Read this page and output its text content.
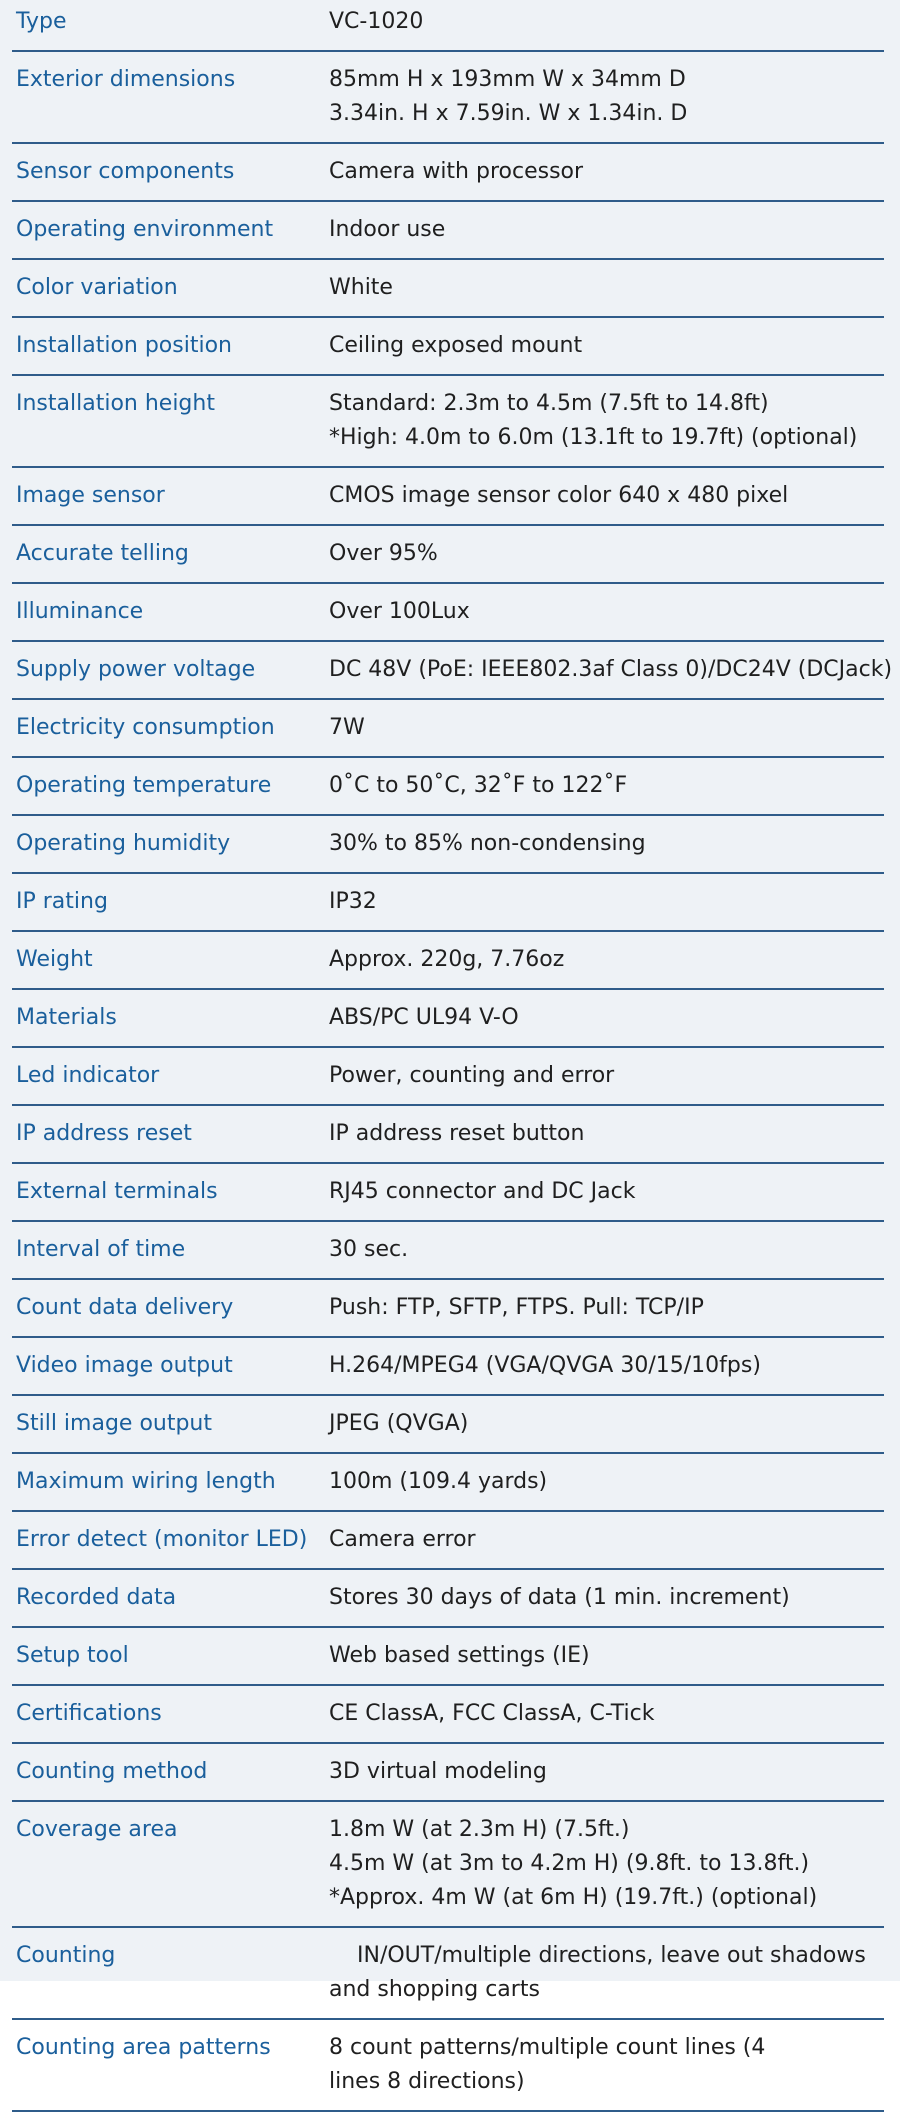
Type	VC-1020

Exterior dimensions	85mm H x 193mm W x 34mm D
3.34in. H x 7.59in. W x 1.34in. D

Sensor components	Camera with processor

Operating environment	Indoor use

Color variation	White

Installation position	Ceiling exposed mount

Installation height	Standard: 2.3m to 4.5m (7.5ft to 14.8ft)
*High: 4.0m to 6.0m (13.1ft to 19.7ft) (optional)

Image sensor	CMOS image sensor color 640 x 480 pixel

Accurate telling	Over 95%

Illuminance	Over 100Lux

Supply power voltage	DC 48V (PoE: IEEE802.3af Class 0)/DC24V (DCJack)

Electricity consumption	7W

Operating temperature	0˚C to 50˚C, 32˚F to 122˚F

Operating humidity	30% to 85% non-condensing

IP rating	IP32

Weight	Approx. 220g, 7.76oz

Materials	ABS/PC UL94 V-O

Led indicator	Power, counting and error

IP address reset	IP address reset button

External terminals	RJ45 connector and DC Jack

Interval of time	30 sec.

Count data delivery	Push: FTP, SFTP, FTPS. Pull: TCP/IP

Video image output	H.264/MPEG4 (VGA/QVGA 30/15/10fps)

Still image output	JPEG (QVGA)

Maximum wiring length	100m (109.4 yards)

Error detect (monitor LED)	Camera error

Recorded data	Stores 30 days of data (1 min. increment)

Setup tool	Web based settings (IE)

Certifications	CE ClassA, FCC ClassA, C-Tick

Counting method	3D virtual modeling

Coverage area	1.8m W (at 2.3m H) (7.5ft.)
4.5m W (at 3m to 4.2m H) (9.8ft. to 13.8ft.)
*Approx. 4m W (at 6m H) (19.7ft.) (optional)

Counting	IN/OUT/multiple directions, leave out shadows
and shopping carts

Counting area patterns	8 count patterns/multiple count lines (4
lines 8 directions)
